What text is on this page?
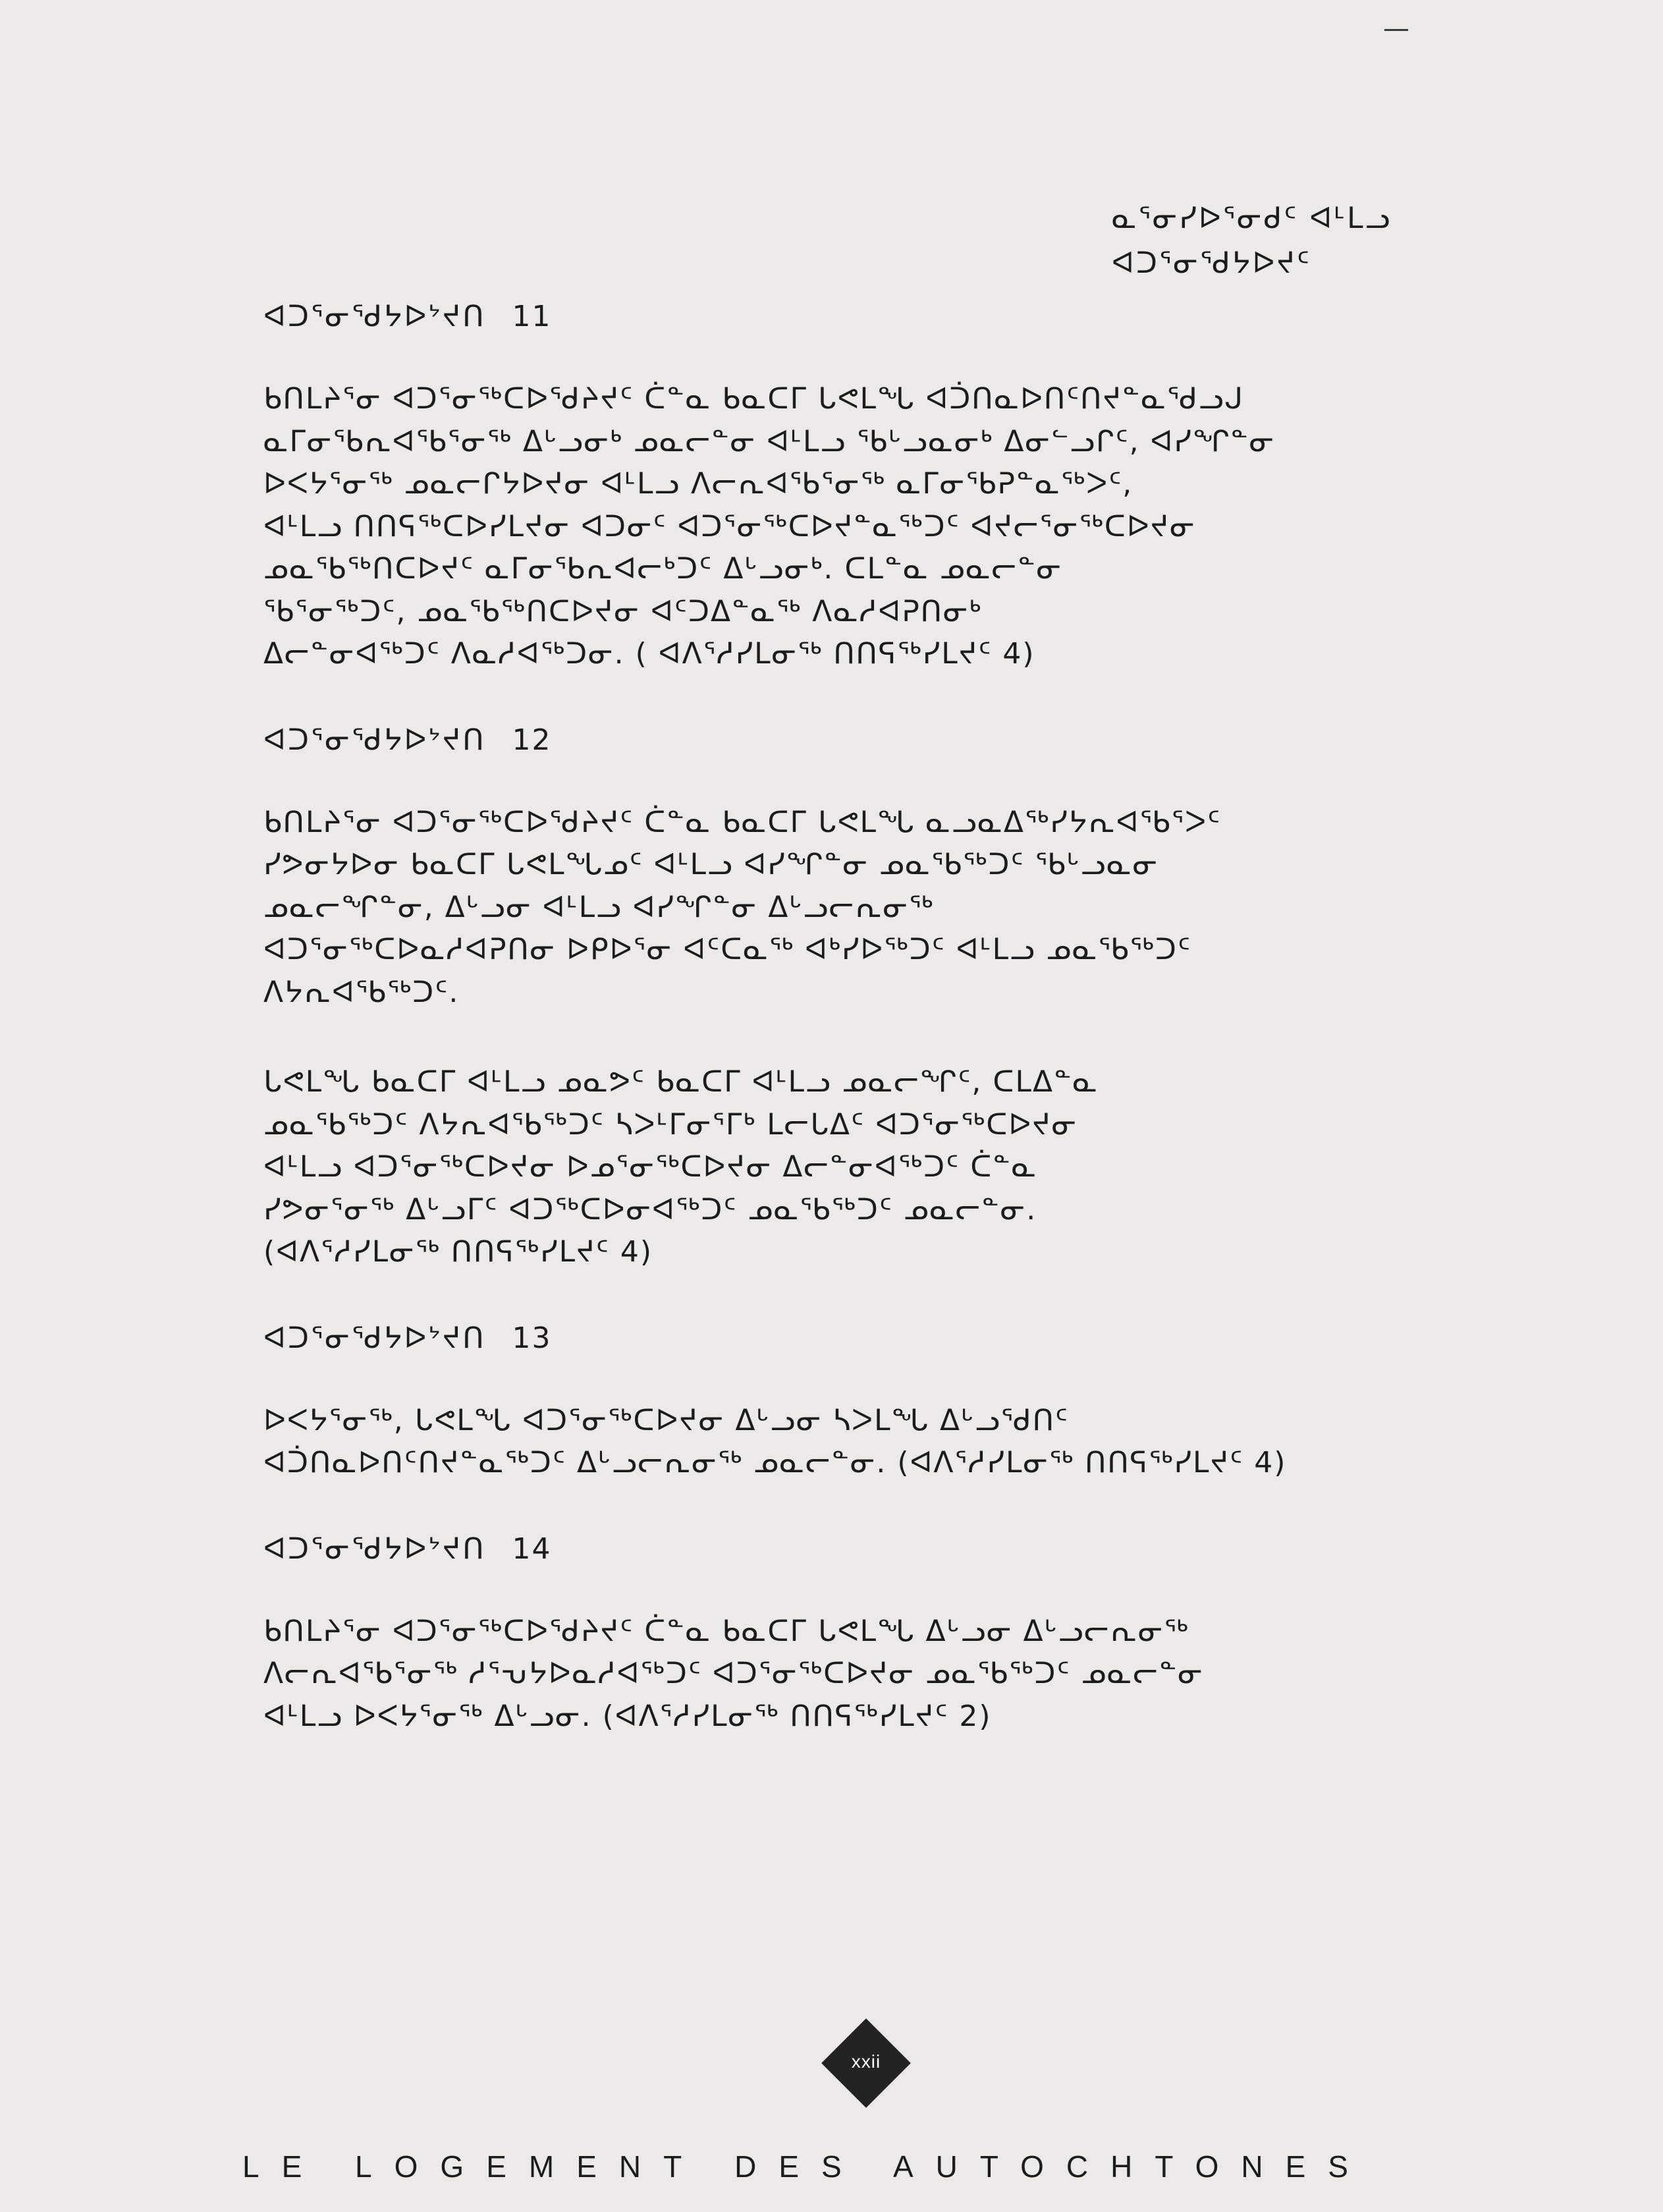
ᓇᕐᓂᓯᐅᕐᓂᑯᑦ ᐊᒻᒪᓗ
ᐊᑐᕐᓂᖁᔭᐅᔪᑦ
ᐊᑐᕐᓂᖁᔭᐅᔾᔪᑎ 11
ᑲᑎᒪᔨᕐᓂ ᐊᑐᕐᓂᖅᑕᐅᖁᔨᔪᑦ ᑖᓐᓇ ᑲᓇᑕᒥ ᒐᕙᒪᖓ ᐊᑑᑎᓇᐅᑎᑦᑎᔪᓐᓇᖁᓗᒍ
ᓇᒥᓂᖃᕆᐊᖃᕐᓂᖅ ᐃᒡᓗᓂᒃ ᓄᓇᓕᓐᓂ ᐊᒻᒪᓗ ᖃᒡᓗᓇᓂᒃ ᐃᓂᓪᓗᒋᑦ, ᐊᓯᖏᓐᓂ
ᐅᐸᔭᕐᓂᖅ ᓄᓇᓕᒋᔭᐅᔪᓂ ᐊᒻᒪᓗ ᐱᓕᕆᐊᖃᕐᓂᖅ ᓇᒥᓂᖃᕈᓐᓇᖅᐳᑦ,
ᐊᒻᒪᓗ ᑎᑎᕋᖅᑕᐅᓯᒪᔪᓂ ᐊᑐᓂᑦ ᐊᑐᕐᓂᖅᑕᐅᔪᓐᓇᖅᑐᑦ ᐊᔪᓕᕐᓂᖅᑕᐅᔪᓂ
ᓄᓇᖃᖅᑎᑕᐅᔪᑦ ᓇᒥᓂᖃᕆᐊᓕᒃᑐᑦ ᐃᒡᓗᓂᒃ. ᑕᒪᓐᓇ ᓄᓇᓕᓐᓂ
ᖃᕐᓂᖅᑐᑦ, ᓄᓇᖃᖅᑎᑕᐅᔪᓂ ᐊᑦᑐᐃᓐᓇᖅ ᐱᓇᓱᐊᕈᑎᓂᒃ
ᐃᓕᓐᓂᐊᖅᑐᑦ ᐱᓇᓱᐊᖅᑐᓂ. ( ᐊᐱᕐᓱᓯᒪᓂᖅ ᑎᑎᕋᖅᓯᒪᔪᑦ 4)
ᐊᑐᕐᓂᖁᔭᐅᔾᔪᑎ 12
ᑲᑎᒪᔨᕐᓂ ᐊᑐᕐᓂᖅᑕᐅᖁᔨᔪᑦ ᑖᓐᓇ ᑲᓇᑕᒥ ᒐᕙᒪᖓ ᓇᓗᓇᐃᖅᓯᔭᕆᐊᖃᕐᐳᑦ
ᓯᕗᓂᔭᐅᓂ ᑲᓇᑕᒥ ᒐᕙᒪᖓᓄᑦ ᐊᒻᒪᓗ ᐊᓯᖏᓐᓂ ᓄᓇᖃᖅᑐᑦ ᖃᒡᓗᓇᓂ
ᓄᓇᓕᖏᓐᓂ, ᐃᒡᓗᓂ ᐊᒻᒪᓗ ᐊᓯᖏᓐᓂ ᐃᒡᓗᓕᕆᓂᖅ
ᐊᑐᕐᓂᖅᑕᐅᓇᓱᐊᕈᑎᓂ ᐅᑭᐅᕐᓂ ᐊᑦᑕᓇᖅ ᐊᒃᓯᐅᖅᑐᑦ ᐊᒻᒪᓗ ᓄᓇᖃᖅᑐᑦ
ᐱᔭᕆᐊᖃᖅᑐᑦ.
ᒐᕙᒪᖓ ᑲᓇᑕᒥ ᐊᒻᒪᓗ ᓄᓇᕗᑦ ᑲᓇᑕᒥ ᐊᒻᒪᓗ ᓄᓇᓕᖏᑦ, ᑕᒪᐃᓐᓇ
ᓄᓇᖃᖅᑐᑦ ᐱᔭᕆᐊᖃᖅᑐᑦ ᓴᐳᒻᒥᓂᕐᒥᒃ ᒪᓕᒐᐃᑦ ᐊᑐᕐᓂᖅᑕᐅᔪᓂ
ᐊᒻᒪᓗ ᐊᑐᕐᓂᖅᑕᐅᔪᓂ ᐅᓄᕐᓂᖅᑕᐅᔪᓂ ᐃᓕᓐᓂᐊᖅᑐᑦ ᑖᓐᓇ
ᓯᕗᓂᕐᓂᖅ ᐃᒡᓗᒥᑦ ᐊᑐᖅᑕᐅᓂᐊᖅᑐᑦ ᓄᓇᖃᖅᑐᑦ ᓄᓇᓕᓐᓂ.
(ᐊᐱᕐᓱᓯᒪᓂᖅ ᑎᑎᕋᖅᓯᒪᔪᑦ 4)
ᐊᑐᕐᓂᖁᔭᐅᔾᔪᑎ 13
ᐅᐸᔭᕐᓂᖅ, ᒐᕙᒪᖓ ᐊᑐᕐᓂᖅᑕᐅᔪᓂ ᐃᒡᓗᓂ ᓴᐳᒪᖓ ᐃᒡᓗᖁᑎᑦ
ᐊᑑᑎᓇᐅᑎᑦᑎᔪᓐᓇᖅᑐᑦ ᐃᒡᓗᓕᕆᓂᖅ ᓄᓇᓕᓐᓂ. (ᐊᐱᕐᓱᓯᒪᓂᖅ ᑎᑎᕋᖅᓯᒪᔪᑦ 4)
ᐊᑐᕐᓂᖁᔭᐅᔾᔪᑎ 14
ᑲᑎᒪᔨᕐᓂ ᐊᑐᕐᓂᖅᑕᐅᖁᔨᔪᑦ ᑖᓐᓇ ᑲᓇᑕᒥ ᒐᕙᒪᖓ ᐃᒡᓗᓂ ᐃᒡᓗᓕᕆᓂᖅ
ᐱᓕᕆᐊᖃᕐᓂᖅ ᓱᕐᕃᔭᐅᓇᓱᐊᖅᑐᑦ ᐊᑐᕐᓂᖅᑕᐅᔪᓂ ᓄᓇᖃᖅᑐᑦ ᓄᓇᓕᓐᓂ
ᐊᒻᒪᓗ ᐅᐸᔭᕐᓂᖅ ᐃᒡᓗᓂ. (ᐊᐱᕐᓱᓯᒪᓂᖅ ᑎᑎᕋᖅᓯᒪᔪᑦ 2)
xxii
LE LOGEMENT DES AUTOCHTONES
